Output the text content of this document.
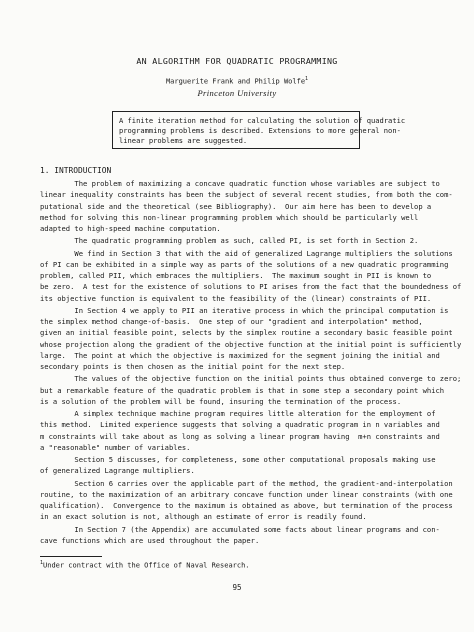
AN ALGORITHM FOR QUADRATIC PROGRAMMING
Marguerite Frank and Philip Wolfe$^1$
Princeton University
A finite iteration method for calculating the solution of quadratic
programming problems is described. Extensions to more general non-
linear problems are suggested.
1. INTRODUCTION
The problem of maximizing a concave quadratic function whose variables are subject to
linear inequality constraints has been the subject of several recent studies, from both the com-
putational side and the theoretical (see Bibliography).  Our aim here has been to develop a
method for solving this non-linear programming problem which should be particularly well
adapted to high-speed machine computation.
The quadratic programming problem as such, called PI, is set forth in Section 2.
We find in Section 3 that with the aid of generalized Lagrange multipliers the solutions
of PI can be exhibited in a simple way as parts of the solutions of a new quadratic programming
problem, called PII, which embraces the multipliers.  The maximum sought in PII is known to
be zero.  A test for the existence of solutions to PI arises from the fact that the boundedness of
its objective function is equivalent to the feasibility of the (linear) constraints of PII.
In Section 4 we apply to PII an iterative process in which the principal computation is
the simplex method change-of-basis.  One step of our "gradient and interpolation" method,
given an initial feasible point, selects by the simplex routine a secondary basic feasible point
whose projection along the gradient of the objective function at the initial point is sufficiently
large.  The point at which the objective is maximized for the segment joining the initial and
secondary points is then chosen as the initial point for the next step.
The values of the objective function on the initial points thus obtained converge to zero;
but a remarkable feature of the quadratic problem is that in some step a secondary point which
is a solution of the problem will be found, insuring the termination of the process.
A simplex technique machine program requires little alteration for the employment of
this method.  Limited experience suggests that solving a quadratic program in n variables and
m constraints will take about as long as solving a linear program having  m+n constraints and
a "reasonable" number of variables.
Section 5 discusses, for completeness, some other computational proposals making use
of generalized Lagrange multipliers.
Section 6 carries over the applicable part of the method, the gradient-and-interpolation
routine, to the maximization of an arbitrary concave function under linear constraints (with one
qualification).  Convergence to the maximum is obtained as above, but termination of the process
in an exact solution is not, although an estimate of error is readily found.
In Section 7 (the Appendix) are accumulated some facts about linear programs and con-
cave functions which are used throughout the paper.
$^1$Under contract with the Office of Naval Research.
95
